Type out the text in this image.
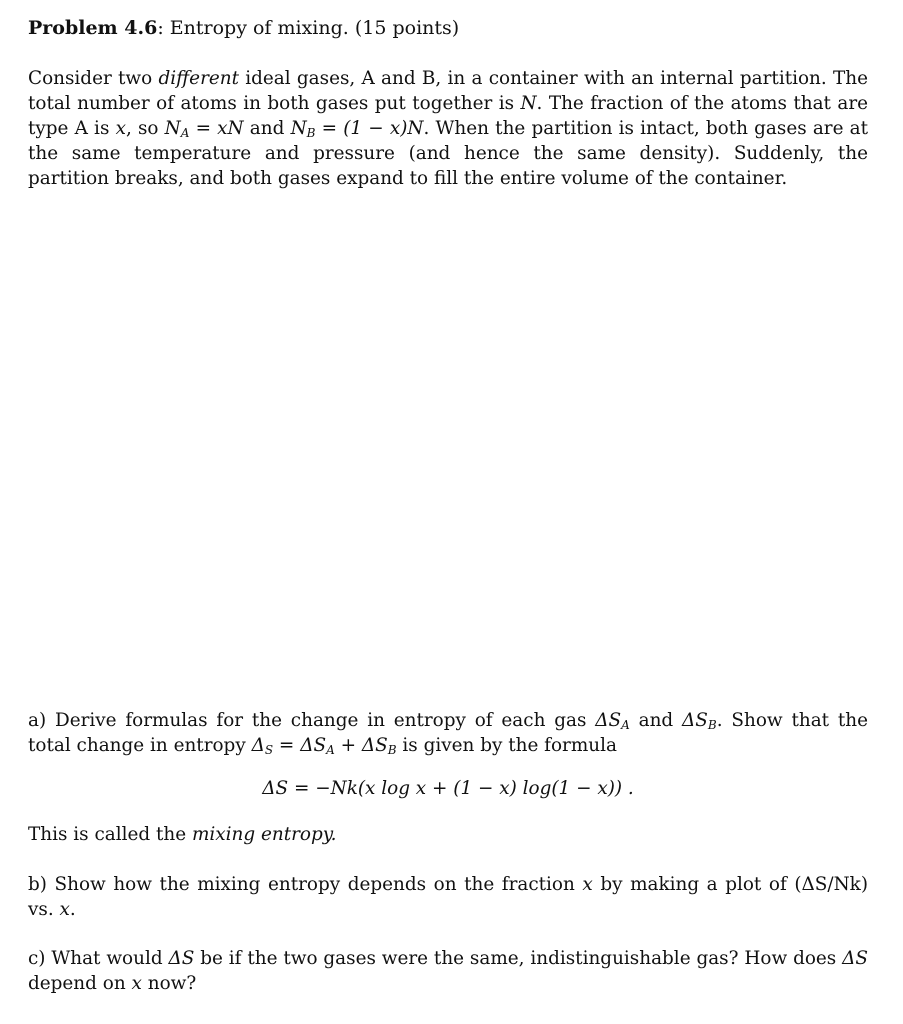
Problem 4.6: Entropy of mixing. (15 points)

Consider two different ideal gases, A and B, in a container with an internal partition. The total number of atoms in both gases put together is N. The fraction of the atoms that are type A is x, so $N_A$ = xN and $N_B = (1 - x)N$. When the partition is intact, both gases are at the same temperature and pressure (and hence the same density). Suddenly, the partition breaks, and both gases expand to fill the entire volume of the container.

a) Derive formulas for the change in entropy of each gas $\Delta S_A$ and $\Delta S_B$. Show that the total change in entropy $\Delta_S = \Delta S_A + \Delta S_B$ is given by the formula

ΔS = −Nk(x log x + (1 − x) log(1 − x)) .

This is called the mixing entropy.

b) Show how the mixing entropy depends on the fraction x by making a plot of (ΔS/Nk) vs. x.

c) What would ΔS be if the two gases were the same, indistinguishable gas? How does ΔS depend on x now?
